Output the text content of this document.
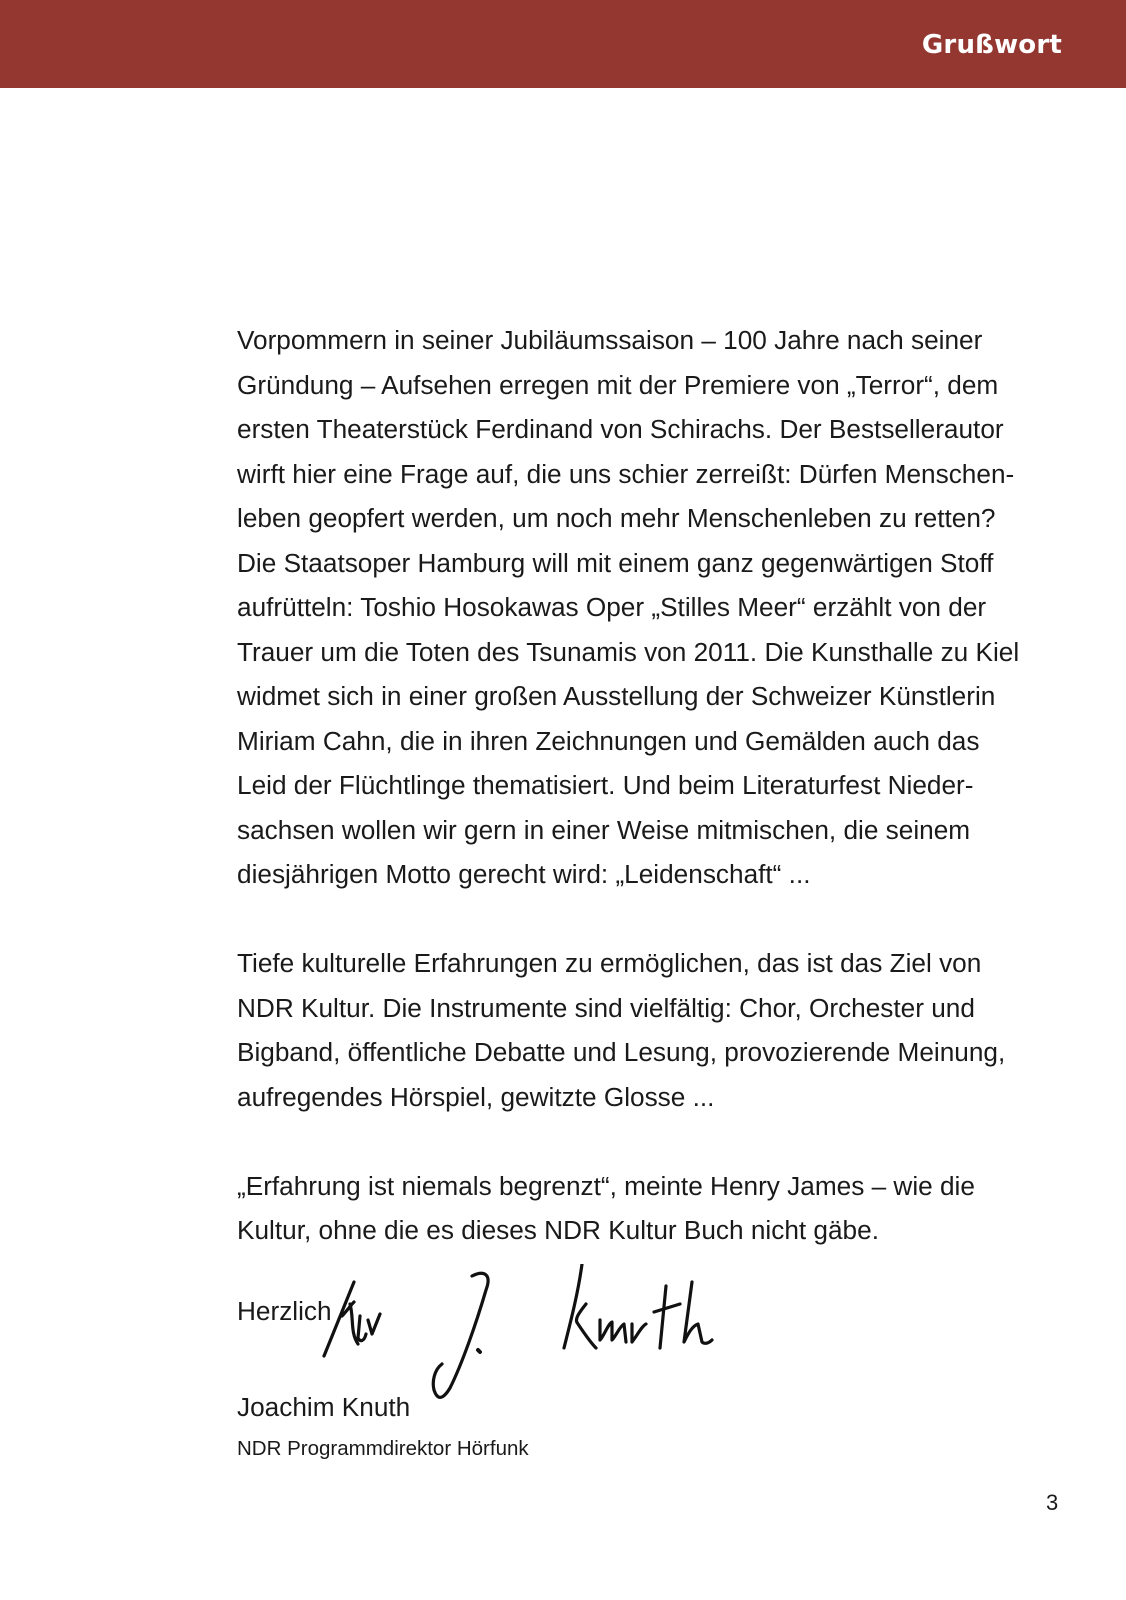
Grußwort

Vorpommern in seiner Jubiläumssaison – 100 Jahre nach seiner
Gründung – Aufsehen erregen mit der Premiere von „Terror“, dem
ersten Theaterstück Ferdinand von Schirachs. Der Bestsellerautor
wirft hier eine Frage auf, die uns schier zerreißt: Dürfen Menschen-
leben geopfert werden, um noch mehr Menschenleben zu retten?
Die Staatsoper Hamburg will mit einem ganz gegenwärtigen Stoff
aufrütteln: Toshio Hosokawas Oper „Stilles Meer“ erzählt von der
Trauer um die Toten des Tsunamis von 2011. Die Kunsthalle zu Kiel
widmet sich in einer großen Ausstellung der Schweizer Künstlerin
Miriam Cahn, die in ihren Zeichnungen und Gemälden auch das
Leid der Flüchtlinge thematisiert. Und beim Literaturfest Nieder-
sachsen wollen wir gern in einer Weise mitmischen, die seinem
diesjährigen Motto gerecht wird: „Leidenschaft“ ...

Tiefe kulturelle Erfahrungen zu ermöglichen, das ist das Ziel von
NDR Kultur. Die Instrumente sind vielfältig: Chor, Orchester und
Bigband, öffentliche Debatte und Lesung, provozierende Meinung,
aufregendes Hörspiel, gewitzte Glosse ...

„Erfahrung ist niemals begrenzt“, meinte Henry James – wie die
Kultur, ohne die es dieses NDR Kultur Buch nicht gäbe.

Herzlich
Joachim Knuth
NDR Programmdirektor Hörfunk
3
